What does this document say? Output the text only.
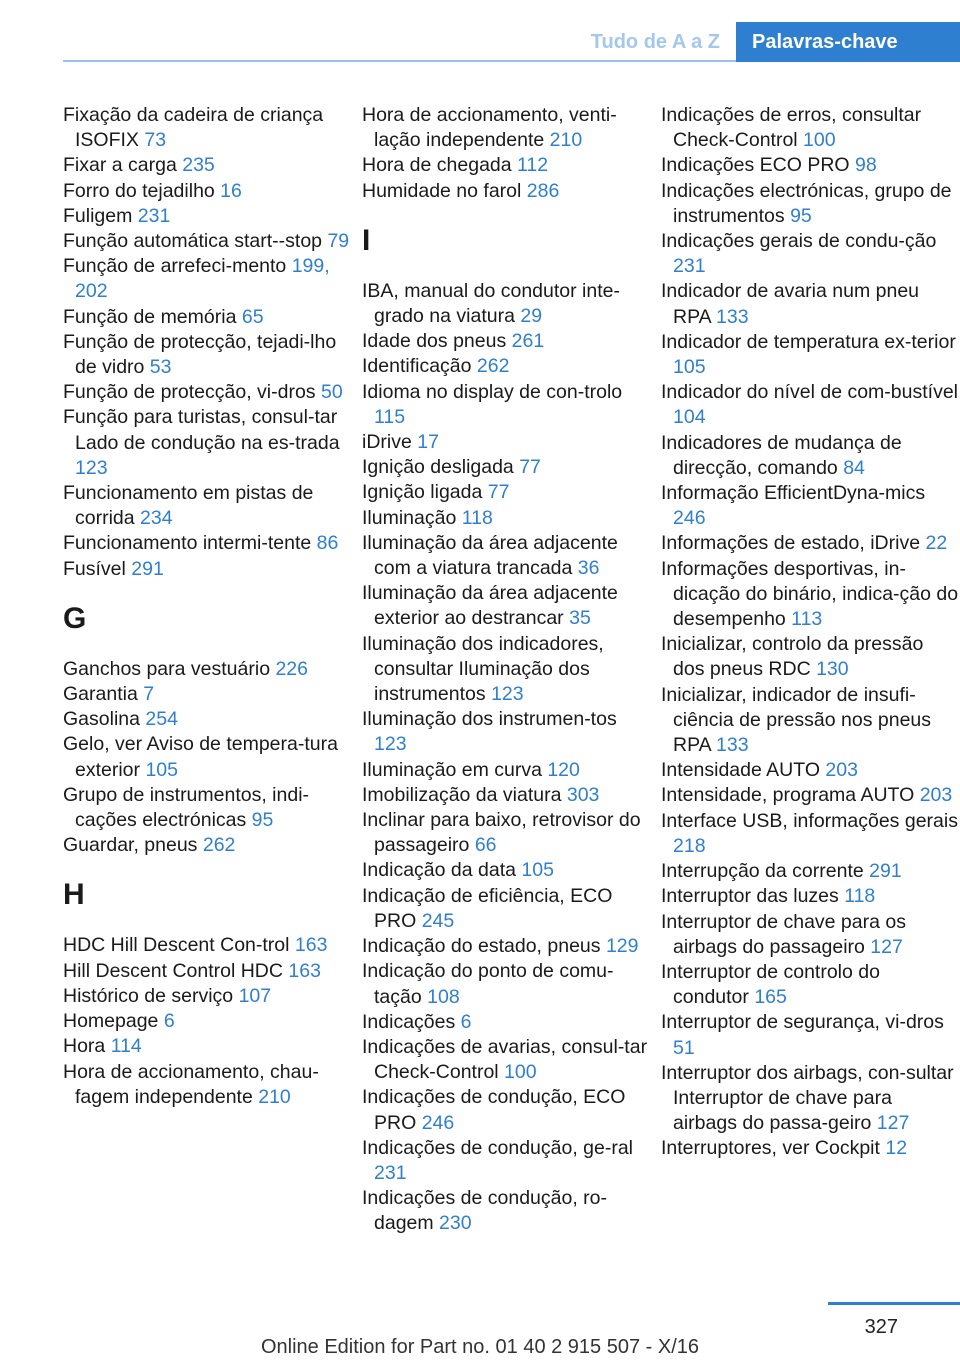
Tudo de A a Z	Palavras-chave
Fixação da cadeira de criança ISOFIX 73
Fixar a carga 235
Forro do tejadilho 16
Fuligem 231
Função automática start--stop 79
Função de arrefeci-mento 199, 202
Função de memória 65
Função de protecção, tejadi-lho de vidro 53
Função de protecção, vi-dros 50
Função para turistas, consul-tar Lado de condução na es-trada 123
Funcionamento em pistas de corrida 234
Funcionamento intermi-tente 86
Fusível 291
G
Ganchos para vestuário 226
Garantia 7
Gasolina 254
Gelo, ver Aviso de tempera-tura exterior 105
Grupo de instrumentos, indi-cações electrónicas 95
Guardar, pneus 262
H
HDC Hill Descent Con-trol 163
Hill Descent Control HDC 163
Histórico de serviço 107
Homepage 6
Hora 114
Hora de accionamento, chau-fagem independente 210
Hora de accionamento, venti-lação independente 210
Hora de chegada 112
Humidade no farol 286
I
IBA, manual do condutor inte-grado na viatura 29
Idade dos pneus 261
Identificação 262
Idioma no display de con-trolo 115
iDrive 17
Ignição desligada 77
Ignição ligada 77
Iluminação 118
Iluminação da área adjacente com a viatura trancada 36
Iluminação da área adjacente exterior ao destrancar 35
Iluminação dos indicadores, consultar Iluminação dos instrumentos 123
Iluminação dos instrumen-tos 123
Iluminação em curva 120
Imobilização da viatura 303
Inclinar para baixo, retrovisor do passageiro 66
Indicação da data 105
Indicação de eficiência, ECO PRO 245
Indicação do estado, pneus 129
Indicação do ponto de comu-tação 108
Indicações 6
Indicações de avarias, consul-tar Check-Control 100
Indicações de condução, ECO PRO 246
Indicações de condução, ge-ral 231
Indicações de condução, ro-dagem 230
Indicações de erros, consultar Check-Control 100
Indicações ECO PRO 98
Indicações electrónicas, grupo de instrumentos 95
Indicações gerais de condu-ção 231
Indicador de avaria num pneu RPA 133
Indicador de temperatura ex-terior 105
Indicador do nível de com-bustível 104
Indicadores de mudança de direcção, comando 84
Informação EfficientDyna-mics 246
Informações de estado, iDrive 22
Informações desportivas, in-dicação do binário, indica-ção do desempenho 113
Inicializar, controlo da pressão dos pneus RDC 130
Inicializar, indicador de insufi-ciência de pressão nos pneus RPA 133
Intensidade AUTO 203
Intensidade, programa AUTO 203
Interface USB, informações gerais 218
Interrupção da corrente 291
Interruptor das luzes 118
Interruptor de chave para os airbags do passageiro 127
Interruptor de controlo do condutor 165
Interruptor de segurança, vi-dros 51
Interruptor dos airbags, con-sultar Interruptor de chave para airbags do passa-geiro 127
Interruptores, ver Cockpit 12
327
Online Edition for Part no. 01 40 2 915 507 - X/16
